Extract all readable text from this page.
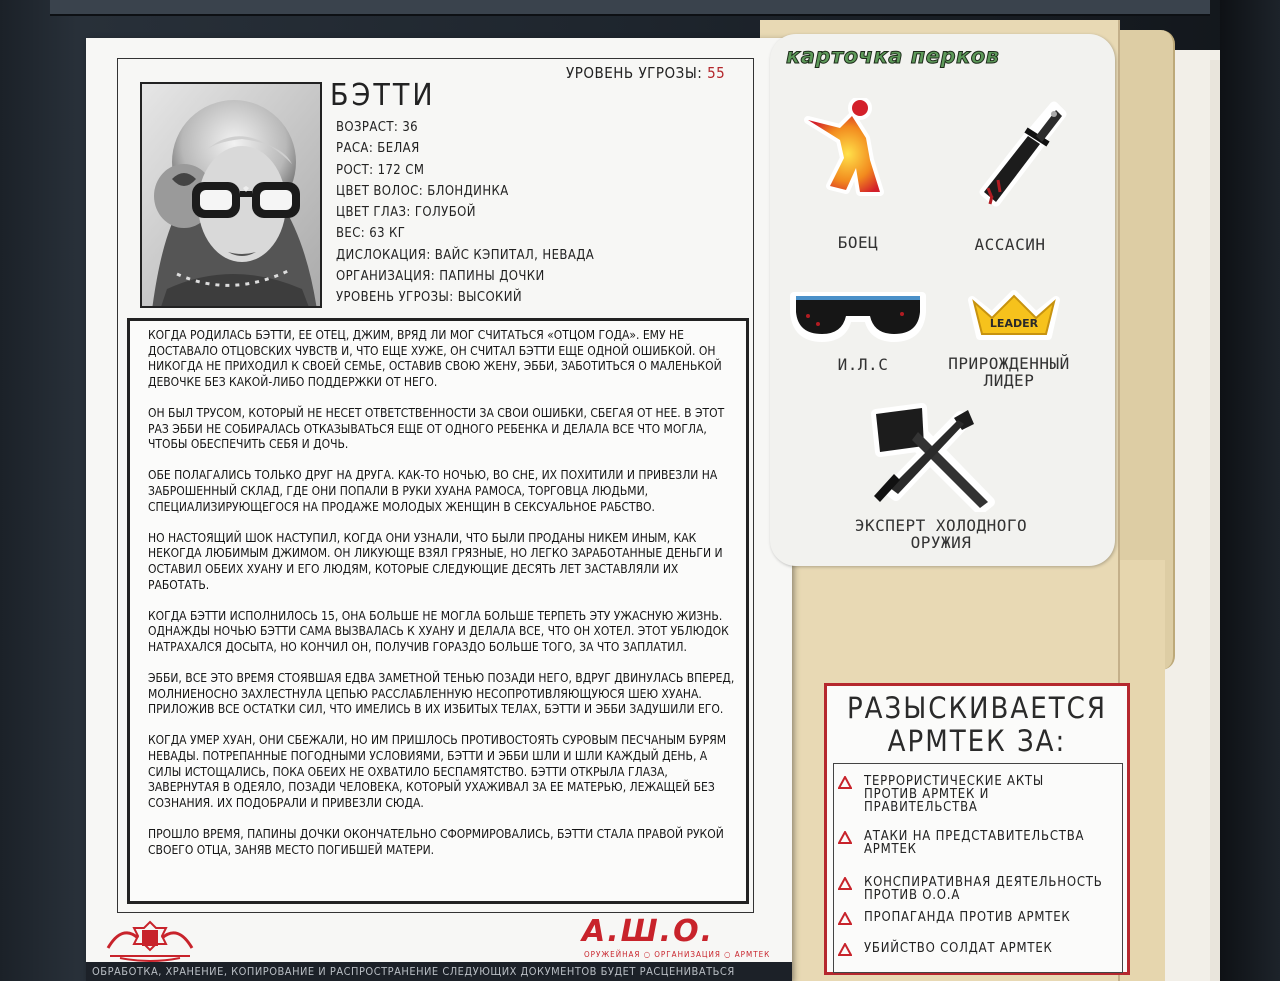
УРОВЕНЬ УГРОЗЫ: 55
БЭТТИ
ВОЗРАСТ: 36
РАСА: БЕЛАЯ
РОСТ: 172 СМ
ЦВЕТ ВОЛОС: БЛОНДИНКА
ЦВЕТ ГЛАЗ: ГОЛУБОЙ
ВЕС: 63 КГ
ДИСЛОКАЦИЯ: ВАЙС КЭПИТАЛ, НЕВАДА
ОРГАНИЗАЦИЯ: ПАПИНЫ ДОЧКИ
УРОВЕНЬ УГРОЗЫ: ВЫСОКИЙ

КОГДА РОДИЛАСЬ БЭТТИ, ЕЕ ОТЕЦ, ДЖИМ, ВРЯД ЛИ МОГ СЧИТАТЬСЯ «ОТЦОМ ГОДА». ЕМУ НЕ ДОСТАВАЛО ОТЦОВСКИХ ЧУВСТВ И, ЧТО ЕЩЕ ХУЖЕ, ОН СЧИТАЛ БЭТТИ ЕЩЕ ОДНОЙ ОШИБКОЙ. ОН НИКОГДА НЕ ПРИХОДИЛ К СВОЕЙ СЕМЬЕ, ОСТАВИВ СВОЮ ЖЕНУ, ЭББИ, ЗАБОТИТЬСЯ О МАЛЕНЬКОЙ ДЕВОЧКЕ БЕЗ КАКОЙ-ЛИБО ПОДДЕРЖКИ ОТ НЕГО.

ОН БЫЛ ТРУСОМ, КОТОРЫЙ НЕ НЕСЕТ ОТВЕТСТВЕННОСТИ ЗА СВОИ ОШИБКИ, СБЕГАЯ ОТ НЕЕ. В ЭТОТ РАЗ ЭББИ НЕ СОБИРАЛАСЬ ОТКАЗЫВАТЬСЯ ЕЩЕ ОТ ОДНОГО РЕБЕНКА И ДЕЛАЛА ВСЕ ЧТО МОГЛА, ЧТОБЫ ОБЕСПЕЧИТЬ СЕБЯ И ДОЧЬ.

ОБЕ ПОЛАГАЛИСЬ ТОЛЬКО ДРУГ НА ДРУГА. КАК-ТО НОЧЬЮ, ВО СНЕ, ИХ ПОХИТИЛИ И ПРИВЕЗЛИ НА ЗАБРОШЕННЫЙ СКЛАД, ГДЕ ОНИ ПОПАЛИ В РУКИ ХУАНА РАМОСА, ТОРГОВЦА ЛЮДЬМИ, СПЕЦИАЛИЗИРУЮЩЕГОСЯ НА ПРОДАЖЕ МОЛОДЫХ ЖЕНЩИН В СЕКСУАЛЬНОЕ РАБСТВО.

НО НАСТОЯЩИЙ ШОК НАСТУПИЛ, КОГДА ОНИ УЗНАЛИ, ЧТО БЫЛИ ПРОДАНЫ НИКЕМ ИНЫМ, КАК НЕКОГДА ЛЮБИМЫМ ДЖИМОМ. ОН ЛИКУЮЩЕ ВЗЯЛ ГРЯЗНЫЕ, НО ЛЕГКО ЗАРАБОТАННЫЕ ДЕНЬГИ И ОСТАВИЛ ОБЕИХ ХУАНУ И ЕГО ЛЮДЯМ, КОТОРЫЕ СЛЕДУЮЩИЕ ДЕСЯТЬ ЛЕТ ЗАСТАВЛЯЛИ ИХ РАБОТАТЬ.

КОГДА БЭТТИ ИСПОЛНИЛОСЬ 15, ОНА БОЛЬШЕ НЕ МОГЛА БОЛЬШЕ ТЕРПЕТЬ ЭТУ УЖАСНУЮ ЖИЗНЬ. ОДНАЖДЫ НОЧЬЮ БЭТТИ САМА ВЫЗВАЛАСЬ К ХУАНУ И ДЕЛАЛА ВСЕ, ЧТО ОН ХОТЕЛ. ЭТОТ УБЛЮДОК НАТРАХАЛСЯ ДОСЫТА, НО КОНЧИЛ ОН, ПОЛУЧИВ ГОРАЗДО БОЛЬШЕ ТОГО, ЗА ЧТО ЗАПЛАТИЛ.

ЭББИ, ВСЕ ЭТО ВРЕМЯ СТОЯВШАЯ ЕДВА ЗАМЕТНОЙ ТЕНЬЮ ПОЗАДИ НЕГО, ВДРУГ ДВИНУЛАСЬ ВПЕРЕД, МОЛНИЕНОСНО ЗАХЛЕСТНУЛА ЦЕПЬЮ РАССЛАБЛЕННУЮ НЕСОПРОТИВЛЯЮЩУЮСЯ ШЕЮ ХУАНА. ПРИЛОЖИВ ВСЕ ОСТАТКИ СИЛ, ЧТО ИМЕЛИСЬ В ИХ ИЗБИТЫХ ТЕЛАХ, БЭТТИ И ЭББИ ЗАДУШИЛИ ЕГО.

КОГДА УМЕР ХУАН, ОНИ СБЕЖАЛИ, НО ИМ ПРИШЛОСЬ ПРОТИВОСТОЯТЬ СУРОВЫМ ПЕСЧАНЫМ БУРЯМ НЕВАДЫ. ПОТРЕПАННЫЕ ПОГОДНЫМИ УСЛОВИЯМИ, БЭТТИ И ЭББИ ШЛИ И ШЛИ КАЖДЫЙ ДЕНЬ, А СИЛЫ ИСТОЩАЛИСЬ, ПОКА ОБЕИХ НЕ ОХВАТИЛО БЕСПАМЯТСТВО. БЭТТИ ОТКРЫЛА ГЛАЗА, ЗАВЕРНУТАЯ В ОДЕЯЛО, ПОЗАДИ ЧЕЛОВЕКА, КОТОРЫЙ УХАЖИВАЛ ЗА ЕЕ МАТЕРЬЮ, ЛЕЖАЩЕЙ БЕЗ СОЗНАНИЯ. ИХ ПОДОБРАЛИ И ПРИВЕЗЛИ СЮДА.

ПРОШЛО ВРЕМЯ, ПАПИНЫ ДОЧКИ ОКОНЧАТЕЛЬНО СФОРМИРОВАЛИСЬ, БЭТТИ СТАЛА ПРАВОЙ РУКОЙ СВОЕГО ОТЦА, ЗАНЯВ МЕСТО ПОГИБШЕЙ МАТЕРИ.

А.Ш.О.
ОРУЖЕЙНАЯ ○ ОРГАНИЗАЦИЯ ○ АРМТЕК
ОБРАБОТКА, ХРАНЕНИЕ, КОПИРОВАНИЕ И РАСПРОСТРАНЕНИЕ СЛЕДУЮЩИХ ДОКУМЕНТОВ БУДЕТ РАСЦЕНИВАТЬСЯ
карточка перков
БОЕЦ	АССАСИН
И.Л.С
LEADER
ПРИРОЖДЕННЫЙ ЛИДЕР
ЭКСПЕРТ ХОЛОДНОГО ОРУЖИЯ
РАЗЫСКИВАЕТСЯ
АРМТЕК ЗА:
ТЕРРОРИСТИЧЕСКИЕ АКТЫ ПРОТИВ АРМТЕК И ПРАВИТЕЛЬСТВА
АТАКИ НА ПРЕДСТАВИТЕЛЬСТВА АРМТЕК
КОНСПИРАТИВНАЯ ДЕЯТЕЛЬНОСТЬ ПРОТИВ О.О.А
ПРОПАГАНДА ПРОТИВ АРМТЕК
УБИЙСТВО СОЛДАТ АРМТЕК
